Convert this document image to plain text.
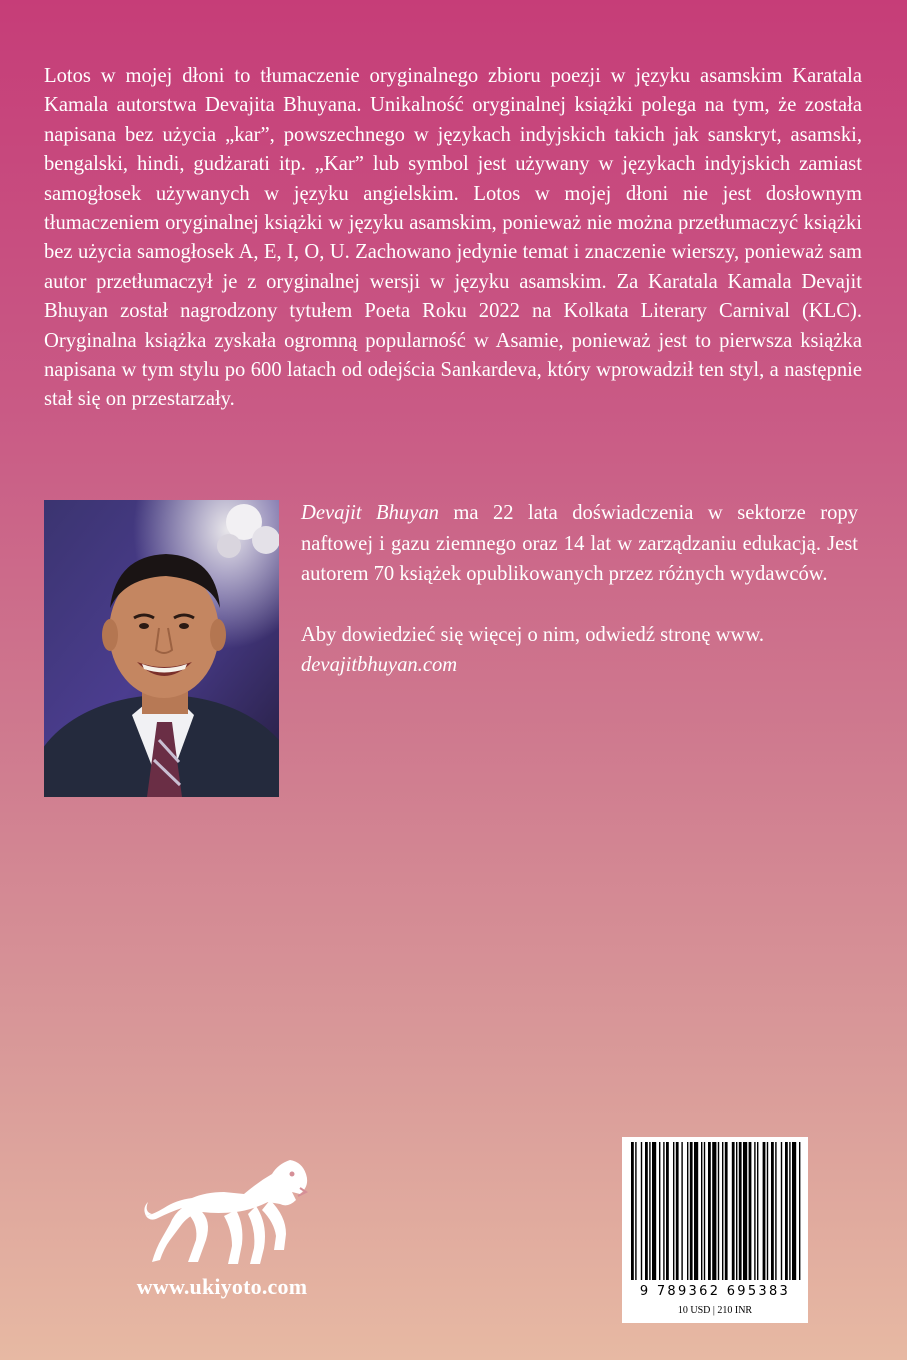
Lotos w mojej dłoni to tłumaczenie oryginalnego zbioru poezji w języku asamskim Karatala Kamala autorstwa Devajita Bhuyana. Unikalność oryginalnej książki polega na tym, że została napisana bez użycia „kar”, powszechnego w językach indyjskich takich jak sanskryt, asamski, bengalski, hindi, gudżarati itp. „Kar” lub symbol jest używany w językach indyjskich zamiast samogłosek używanych w języku angielskim. Lotos w mojej dłoni nie jest dosłownym tłumaczeniem oryginalnej książki w języku asamskim, ponieważ nie można przetłumaczyć książki bez użycia samogłosek A, E, I, O, U. Zachowano jedynie temat i znaczenie wierszy, ponieważ sam autor przetłumaczył je z oryginalnej wersji w języku asamskim. Za Karatala Kamala Devajit Bhuyan został nagrodzony tytułem Poeta Roku 2022 na Kolkata Literary Carnival (KLC). Oryginalna książka zyskała ogromną popularność w Asamie, ponieważ jest to pierwsza książka napisana w tym stylu po 600 latach od odejścia Sankardeva, który wprowadził ten styl, a następnie stał się on przestarzały.

Devajit Bhuyan ma 22 lata doświadczenia w sektorze ropy naftowej i gazu ziemnego oraz 14 lat w zarządzaniu edukacją. Jest autorem 70 książek opublikowanych przez różnych wydawców.

Aby dowiedzieć się więcej o nim, odwiedź stronę www.
devajitbhuyan.com

www.ukiyoto.com	9 789362 695383
10 USD | 210 INR
